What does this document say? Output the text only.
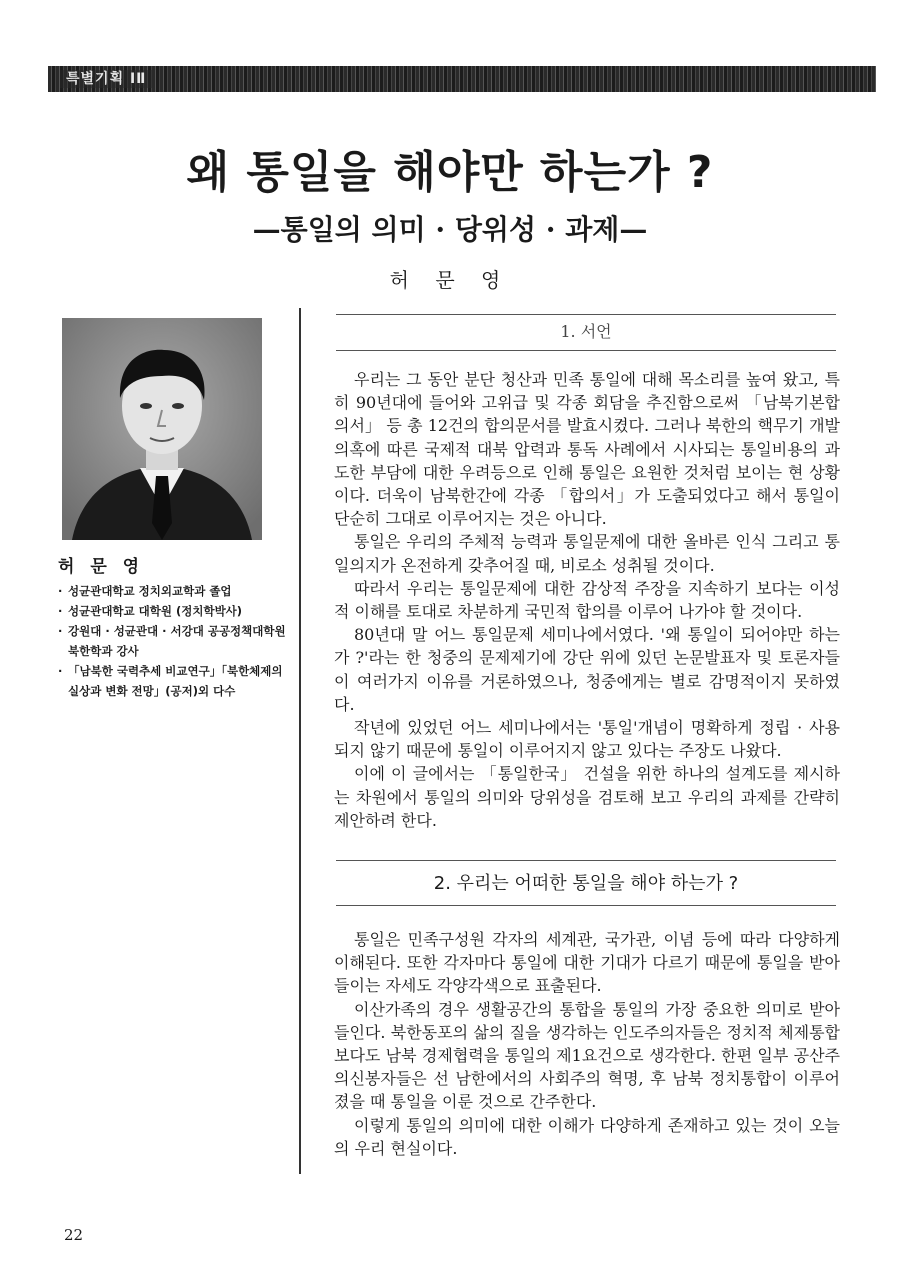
특별기획 ⅠⅡ
왜 통일을 해야만 하는가 ?
—통일의 의미 · 당위성 · 과제—
허 문 영
허 문 영
· 성균관대학교 정치외교학과 졸업
· 성균관대학교 대학원 (정치학박사)
· 강원대 · 성균관대 · 서강대 공공정책대학원 북한학과 강사
· 「남북한 국력추세 비교연구」「북한체제의 실상과 변화 전망」(공저)외 다수
1. 서언

우리는 그 동안 분단 청산과 민족 통일에 대해 목소리를 높여 왔고, 특히 90년대에 들어와 고위급 및 각종 회담을 추진함으로써 「남북기본합의서」 등 총 12건의 합의문서를 발효시켰다. 그러나 북한의 핵무기 개발의혹에 따른 국제적 대북 압력과 통독 사례에서 시사되는 통일비용의 과도한 부담에 대한 우려등으로 인해 통일은 요원한 것처럼 보이는 현 상황이다. 더욱이 남북한간에 각종 「합의서」가 도출되었다고 해서 통일이 단순히 그대로 이루어지는 것은 아니다.

통일은 우리의 주체적 능력과 통일문제에 대한 올바른 인식 그리고 통일의지가 온전하게 갖추어질 때, 비로소 성취될 것이다.

따라서 우리는 통일문제에 대한 감상적 주장을 지속하기 보다는 이성적 이해를 토대로 차분하게 국민적 합의를 이루어 나가야 할 것이다.

80년대 말 어느 통일문제 세미나에서였다. '왜 통일이 되어야만 하는가 ?'라는 한 청중의 문제제기에 강단 위에 있던 논문발표자 및 토론자들이 여러가지 이유를 거론하였으나, 청중에게는 별로 감명적이지 못하였다.

작년에 있었던 어느 세미나에서는 '통일'개념이 명확하게 정립 · 사용되지 않기 때문에 통일이 이루어지지 않고 있다는 주장도 나왔다.

이에 이 글에서는 「통일한국」 건설을 위한 하나의 설계도를 제시하는 차원에서 통일의 의미와 당위성을 검토해 보고 우리의 과제를 간략히 제안하려 한다.

2. 우리는 어떠한 통일을 해야 하는가 ?

통일은 민족구성원 각자의 세계관, 국가관, 이념 등에 따라 다양하게 이해된다. 또한 각자마다 통일에 대한 기대가 다르기 때문에 통일을 받아 들이는 자세도 각양각색으로 표출된다.

이산가족의 경우 생활공간의 통합을 통일의 가장 중요한 의미로 받아들인다. 북한동포의 삶의 질을 생각하는 인도주의자들은 정치적 체제통합 보다도 남북 경제협력을 통일의 제1요건으로 생각한다. 한편 일부 공산주의신봉자들은 선 남한에서의 사회주의 혁명, 후 남북 정치통합이 이루어졌을 때 통일을 이룬 것으로 간주한다.

이렇게 통일의 의미에 대한 이해가 다양하게 존재하고 있는 것이 오늘의 우리 현실이다.

22
